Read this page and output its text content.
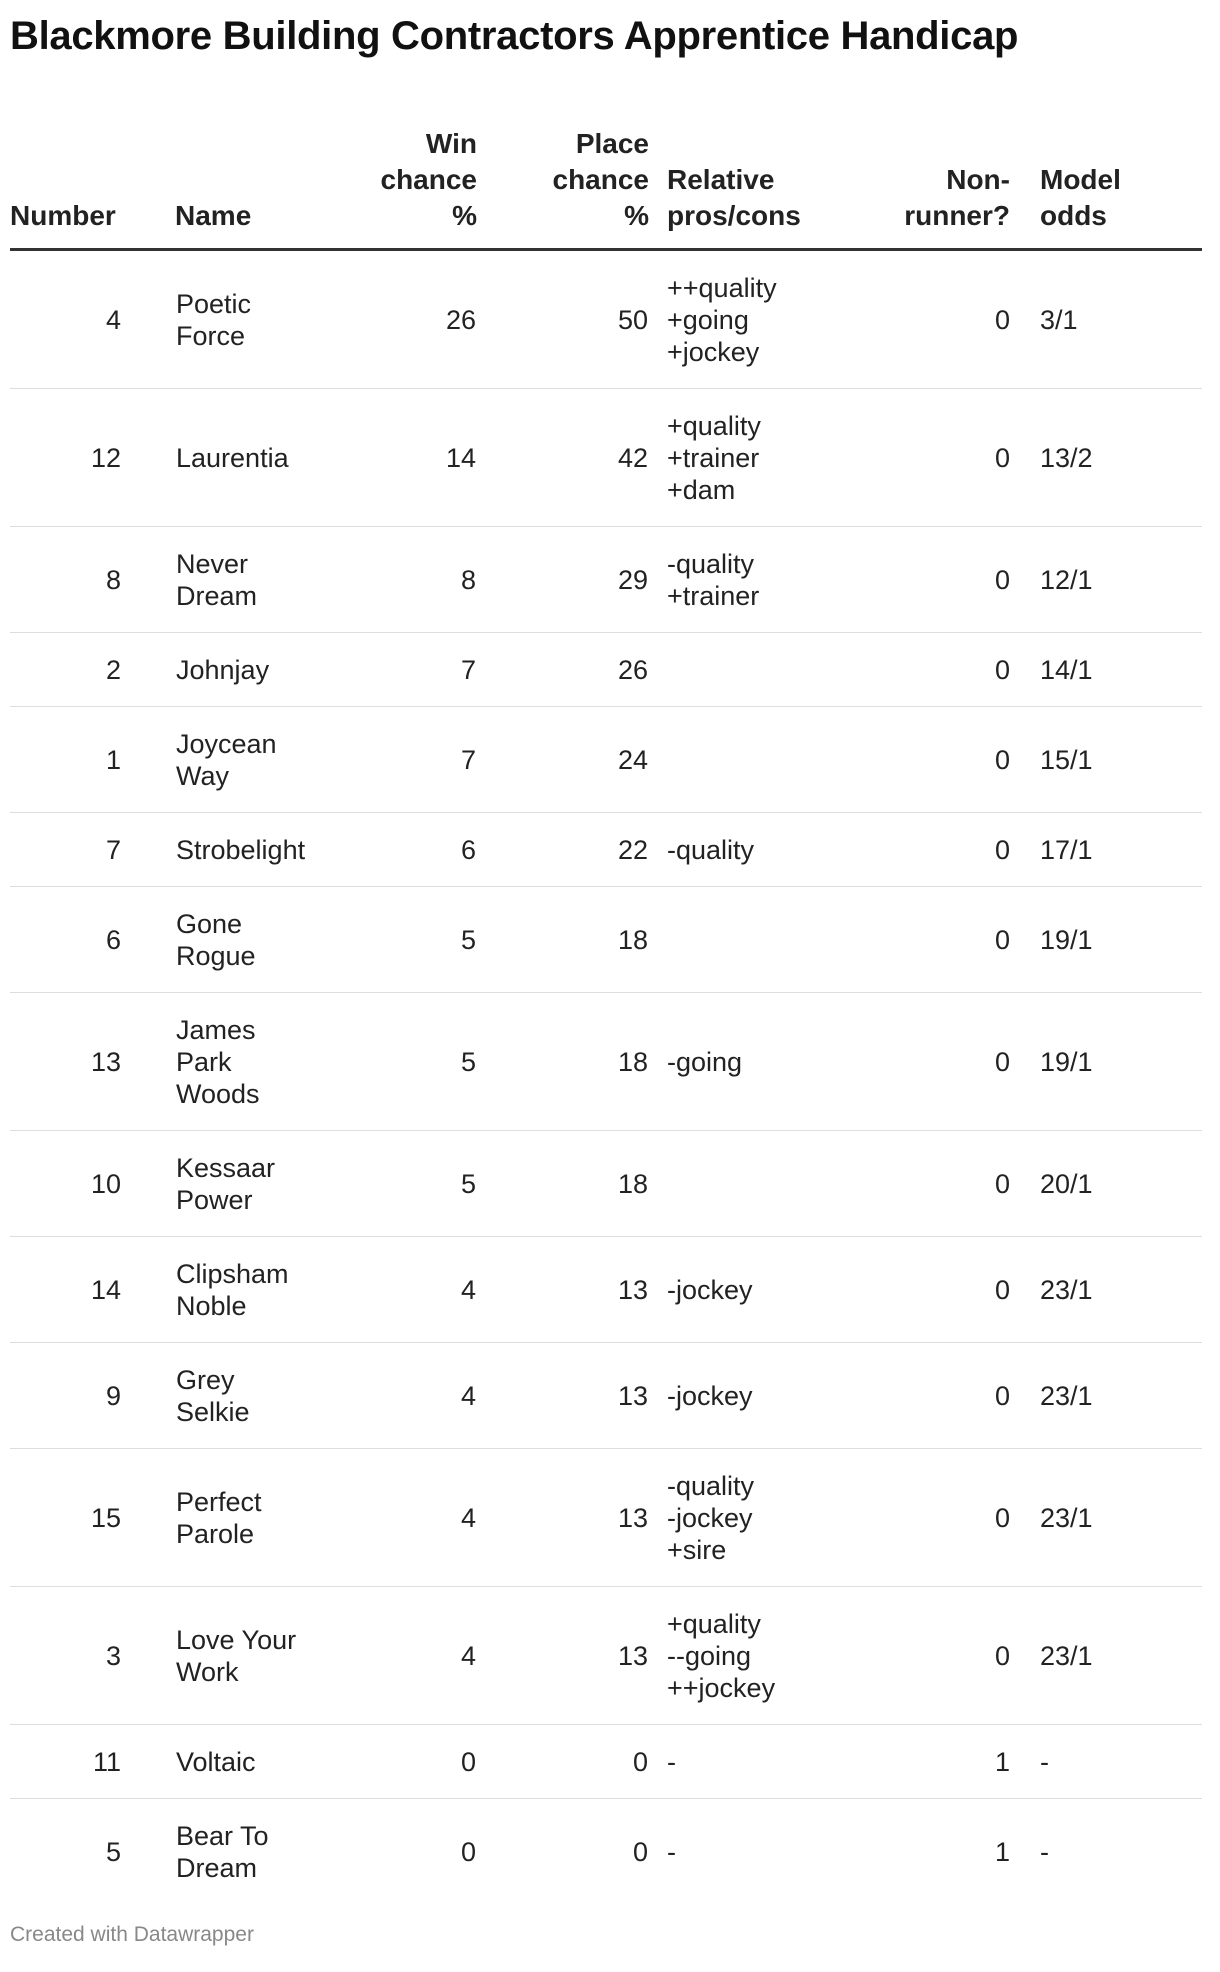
Blackmore Building Contractors Apprentice Handicap
Number	Name	Win
chance
%	Place
chance
%	Relative
pros/cons	Non-
runner?	Model
odds

4	Poetic
Force	26	50	++quality
+going
+jockey	0	3/1
12	Laurentia	14	42	+quality
+trainer
+dam	0	13/2
8	Never
Dream	8	29	-quality
+trainer	0	12/1
2	Johnjay	7	26		0	14/1
1	Joycean
Way	7	24		0	15/1
7	Strobelight	6	22	-quality	0	17/1
6	Gone
Rogue	5	18		0	19/1
13	James
Park
Woods	5	18	-going	0	19/1
10	Kessaar
Power	5	18		0	20/1
14	Clipsham
Noble	4	13	-jockey	0	23/1
9	Grey
Selkie	4	13	-jockey	0	23/1
15	Perfect
Parole	4	13	-quality
-jockey
+sire	0	23/1
3	Love Your
Work	4	13	+quality
--going
++jockey	0	23/1
11	Voltaic	0	0	-	1	-
5	Bear To
Dream	0	0	-	1	-
Created with Datawrapper
